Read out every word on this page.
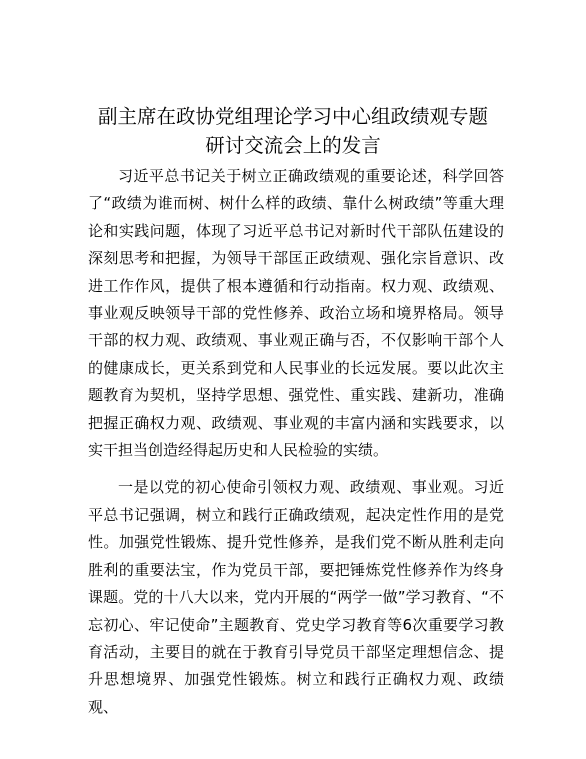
副主席在政协党组理论学习中心组政绩观专题
研讨交流会上的发言

习近平总书记关于树立正确政绩观的重要论述，科学回答了“政绩为谁而树、树什么样的政绩、靠什么树政绩”等重大理论和实践问题，体现了习近平总书记对新时代干部队伍建设的深刻思考和把握，为领导干部匡正政绩观、强化宗旨意识、改进工作作风，提供了根本遵循和行动指南。权力观、政绩观、事业观反映领导干部的党性修养、政治立场和境界格局。领导干部的权力观、政绩观、事业观正确与否，不仅影响干部个人的健康成长，更关系到党和人民事业的长远发展。要以此次主题教育为契机，坚持学思想、强党性、重实践、建新功，准确把握正确权力观、政绩观、事业观的丰富内涵和实践要求，以实干担当创造经得起历史和人民检验的实绩。

一是以党的初心使命引领权力观、政绩观、事业观。习近平总书记强调，树立和践行正确政绩观，起决定性作用的是党性。加强党性锻炼、提升党性修养，是我们党不断从胜利走向胜利的重要法宝，作为党员干部，要把锤炼党性修养作为终身课题。党的十八大以来，党内开展的“两学一做”学习教育、“不忘初心、牢记使命”主题教育、党史学习教育等6次重要学习教育活动，主要目的就在于教育引导党员干部坚定理想信念、提升思想境界、加强党性锻炼。树立和践行正确权力观、政绩观、
